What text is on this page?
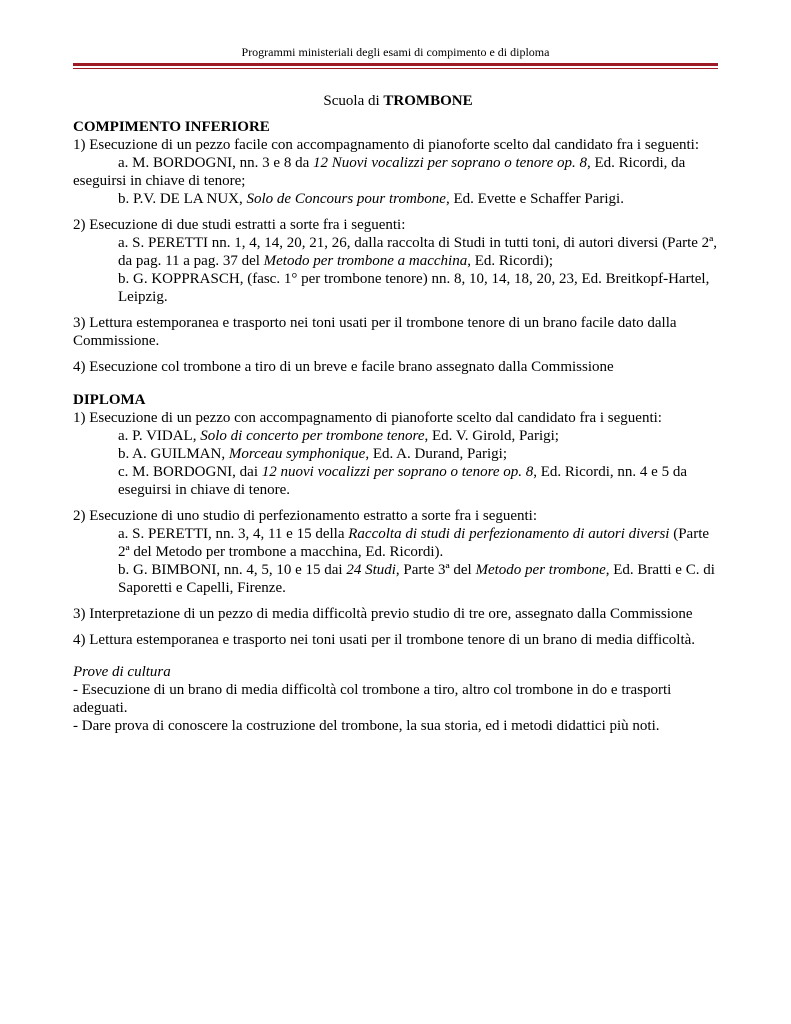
Programmi ministeriali degli esami di compimento e di diploma
Scuola di TROMBONE
COMPIMENTO INFERIORE
1) Esecuzione di un pezzo facile con accompagnamento di pianoforte scelto dal candidato fra i seguenti:
a. M. BORDOGNI, nn. 3 e 8 da 12 Nuovi vocalizzi per soprano o tenore op. 8, Ed. Ricordi, da eseguirsi in chiave di tenore;
b. P.V. DE LA NUX, Solo de Concours pour trombone, Ed. Evette e Schaffer Parigi.
2) Esecuzione di due studi estratti a sorte fra i seguenti:
a. S. PERETTI nn. 1, 4, 14, 20, 21, 26, dalla raccolta di Studi in tutti toni, di autori diversi (Parte 2ª, da pag. 11 a pag. 37 del Metodo per trombone a macchina, Ed. Ricordi);
b. G. KOPPRASCH, (fasc. 1° per trombone tenore) nn. 8, 10, 14, 18, 20, 23, Ed. Breitkopf-Hartel, Leipzig.
3) Lettura estemporanea e trasporto nei toni usati per il trombone tenore di un brano facile dato dalla Commissione.
4) Esecuzione col trombone a tiro di un breve e facile brano assegnato dalla Commissione
DIPLOMA
1) Esecuzione di un pezzo con accompagnamento di pianoforte scelto dal candidato fra i seguenti:
a. P. VIDAL, Solo di concerto per trombone tenore, Ed. V. Girold, Parigi;
b. A. GUILMAN, Morceau symphonique, Ed. A. Durand, Parigi;
c. M. BORDOGNI, dai 12 nuovi vocalizzi per soprano o tenore op. 8, Ed. Ricordi, nn. 4 e 5 da eseguirsi in chiave di tenore.
2) Esecuzione di uno studio di perfezionamento estratto a sorte fra i seguenti:
a. S. PERETTI, nn. 3, 4, 11 e 15 della Raccolta di studi di perfezionamento di autori diversi (Parte 2ª del Metodo per trombone a macchina, Ed. Ricordi).
b. G. BIMBONI, nn. 4, 5, 10 e 15 dai 24 Studi, Parte 3ª del Metodo per trombone, Ed. Bratti e C. di Saporetti e Capelli, Firenze.
3) Interpretazione di un pezzo di media difficoltà previo studio di tre ore, assegnato dalla Commissione
4) Lettura estemporanea e trasporto nei toni usati per il trombone tenore di un brano di media difficoltà.
Prove di cultura
- Esecuzione di un brano di media difficoltà col trombone a tiro, altro col trombone in do e trasporti adeguati.
- Dare prova di conoscere la costruzione del trombone, la sua storia, ed i metodi didattici più noti.
